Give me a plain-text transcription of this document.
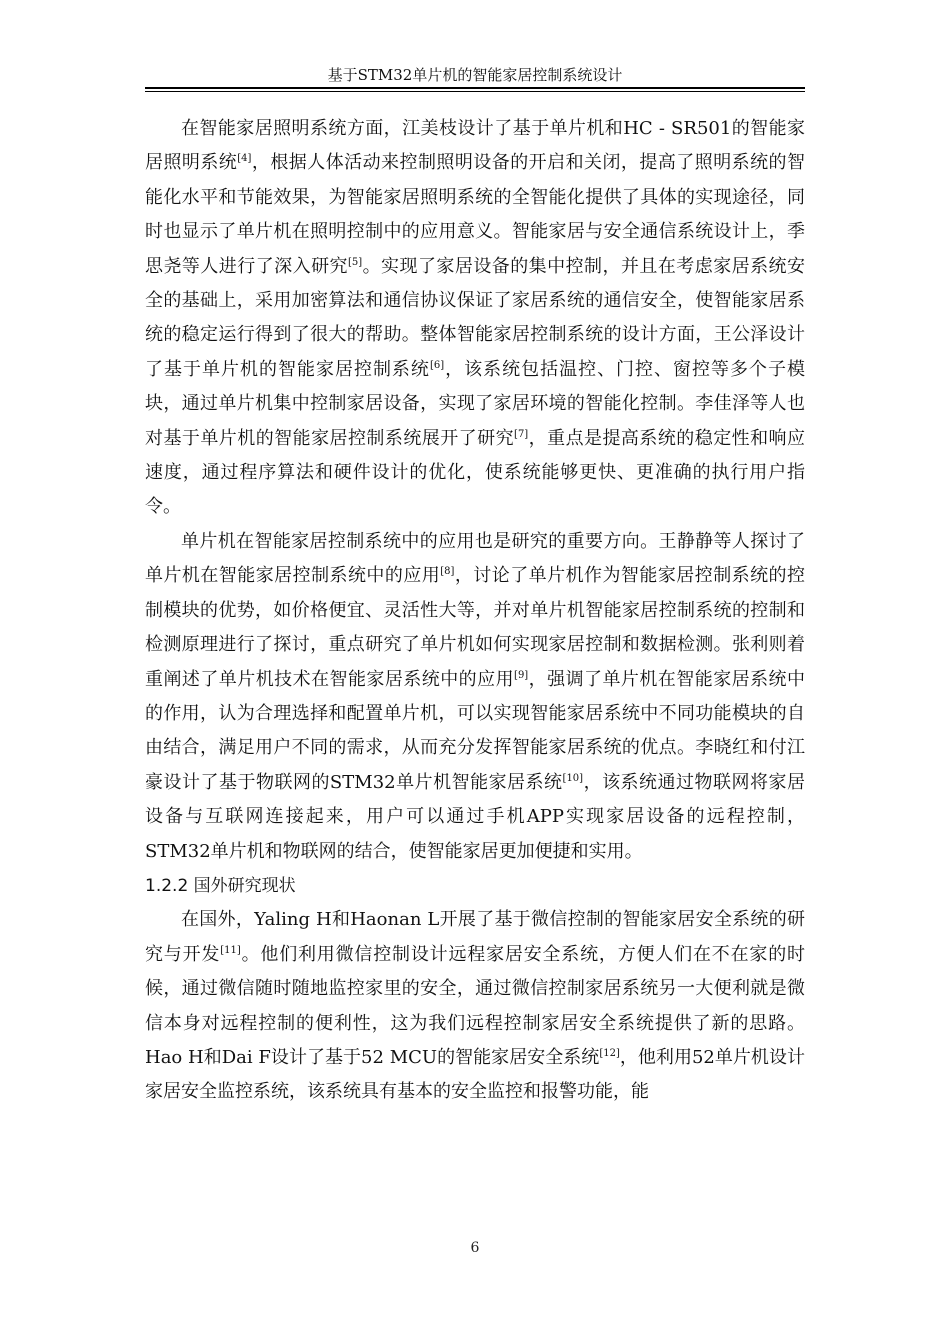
基于STM32单片机的智能家居控制系统设计

在智能家居照明系统方面，江美枝设计了基于单片机和HC - SR501的智能家居照明系统[4]，根据人体活动来控制照明设备的开启和关闭，提高了照明系统的智能化水平和节能效果，为智能家居照明系统的全智能化提供了具体的实现途径，同时也显示了单片机在照明控制中的应用意义。智能家居与安全通信系统设计上，季思尧等人进行了深入研究[5]。实现了家居设备的集中控制，并且在考虑家居系统安全的基础上，采用加密算法和通信协议保证了家居系统的通信安全，使智能家居系统的稳定运行得到了很大的帮助。整体智能家居控制系统的设计方面，王公泽设计了基于单片机的智能家居控制系统[6]，该系统包括温控、门控、窗控等多个子模块，通过单片机集中控制家居设备，实现了家居环境的智能化控制。李佳泽等人也对基于单片机的智能家居控制系统展开了研究[7]，重点是提高系统的稳定性和响应速度，通过程序算法和硬件设计的优化，使系统能够更快、更准确的执行用户指令。

单片机在智能家居控制系统中的应用也是研究的重要方向。王静静等人探讨了单片机在智能家居控制系统中的应用[8]，讨论了单片机作为智能家居控制系统的控制模块的优势，如价格便宜、灵活性大等，并对单片机智能家居控制系统的控制和检测原理进行了探讨，重点研究了单片机如何实现家居控制和数据检测。张利则着重阐述了单片机技术在智能家居系统中的应用[9]，强调了单片机在智能家居系统中的作用，认为合理选择和配置单片机，可以实现智能家居系统中不同功能模块的自由结合，满足用户不同的需求，从而充分发挥智能家居系统的优点。李晓红和付江豪设计了基于物联网的STM32单片机智能家居系统[10]，该系统通过物联网将家居设备与互联网连接起来，用户可以通过手机APP实现家居设备的远程控制，STM32单片机和物联网的结合，使智能家居更加便捷和实用。

1.2.2 国外研究现状

在国外，Yaling H和Haonan L开展了基于微信控制的智能家居安全系统的研究与开发[11]。他们利用微信控制设计远程家居安全系统，方便人们在不在家的时候，通过微信随时随地监控家里的安全，通过微信控制家居系统另一大便利就是微信本身对远程控制的便利性，这为我们远程控制家居安全系统提供了新的思路。Hao H和Dai F设计了基于52 MCU的智能家居安全系统[12]，他利用52单片机设计家居安全监控系统，该系统具有基本的安全监控和报警功能，能

6
